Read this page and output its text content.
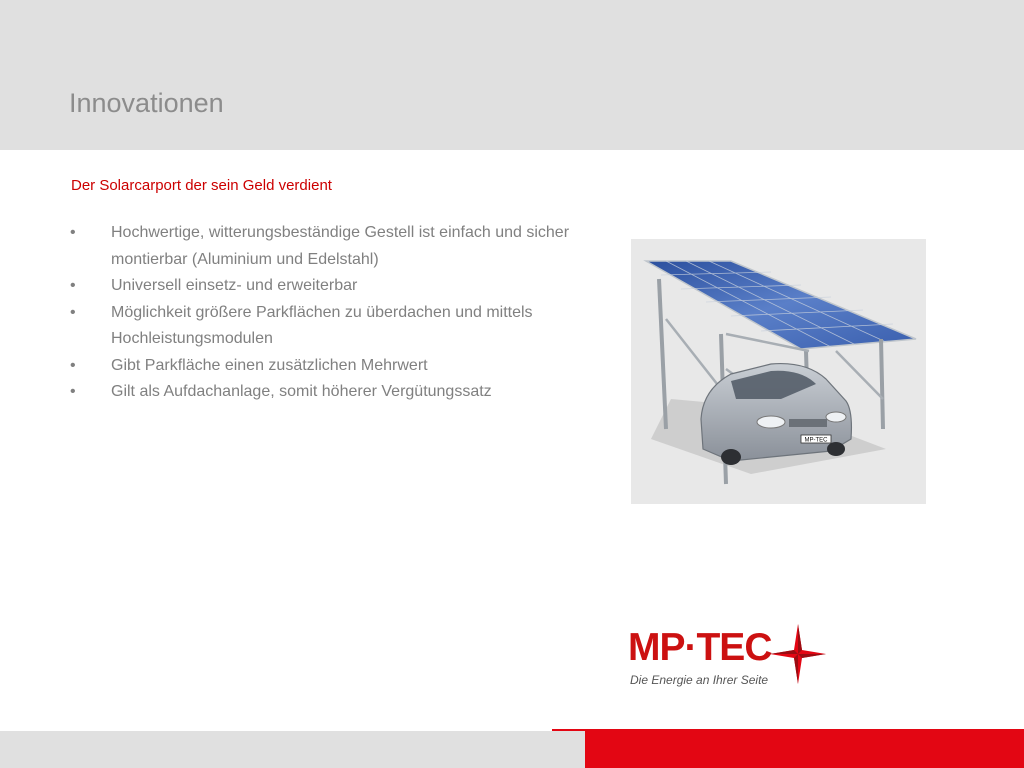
Innovationen

Der Solarcarport der sein Geld verdient

• Hochwertige, witterungsbeständige Gestell ist einfach und sicher montierbar (Aluminium und Edelstahl)
• Universell einsetz- und erweiterbar
• Möglichkeit größere Parkflächen zu überdachen und mittels Hochleistungsmodulen
• Gibt Parkfläche einen zusätzlichen Mehrwert
• Gilt als Aufdachanlage, somit höherer Vergütungssatz
MP-TEC
MP·TEC
Die Energie an Ihrer Seite
